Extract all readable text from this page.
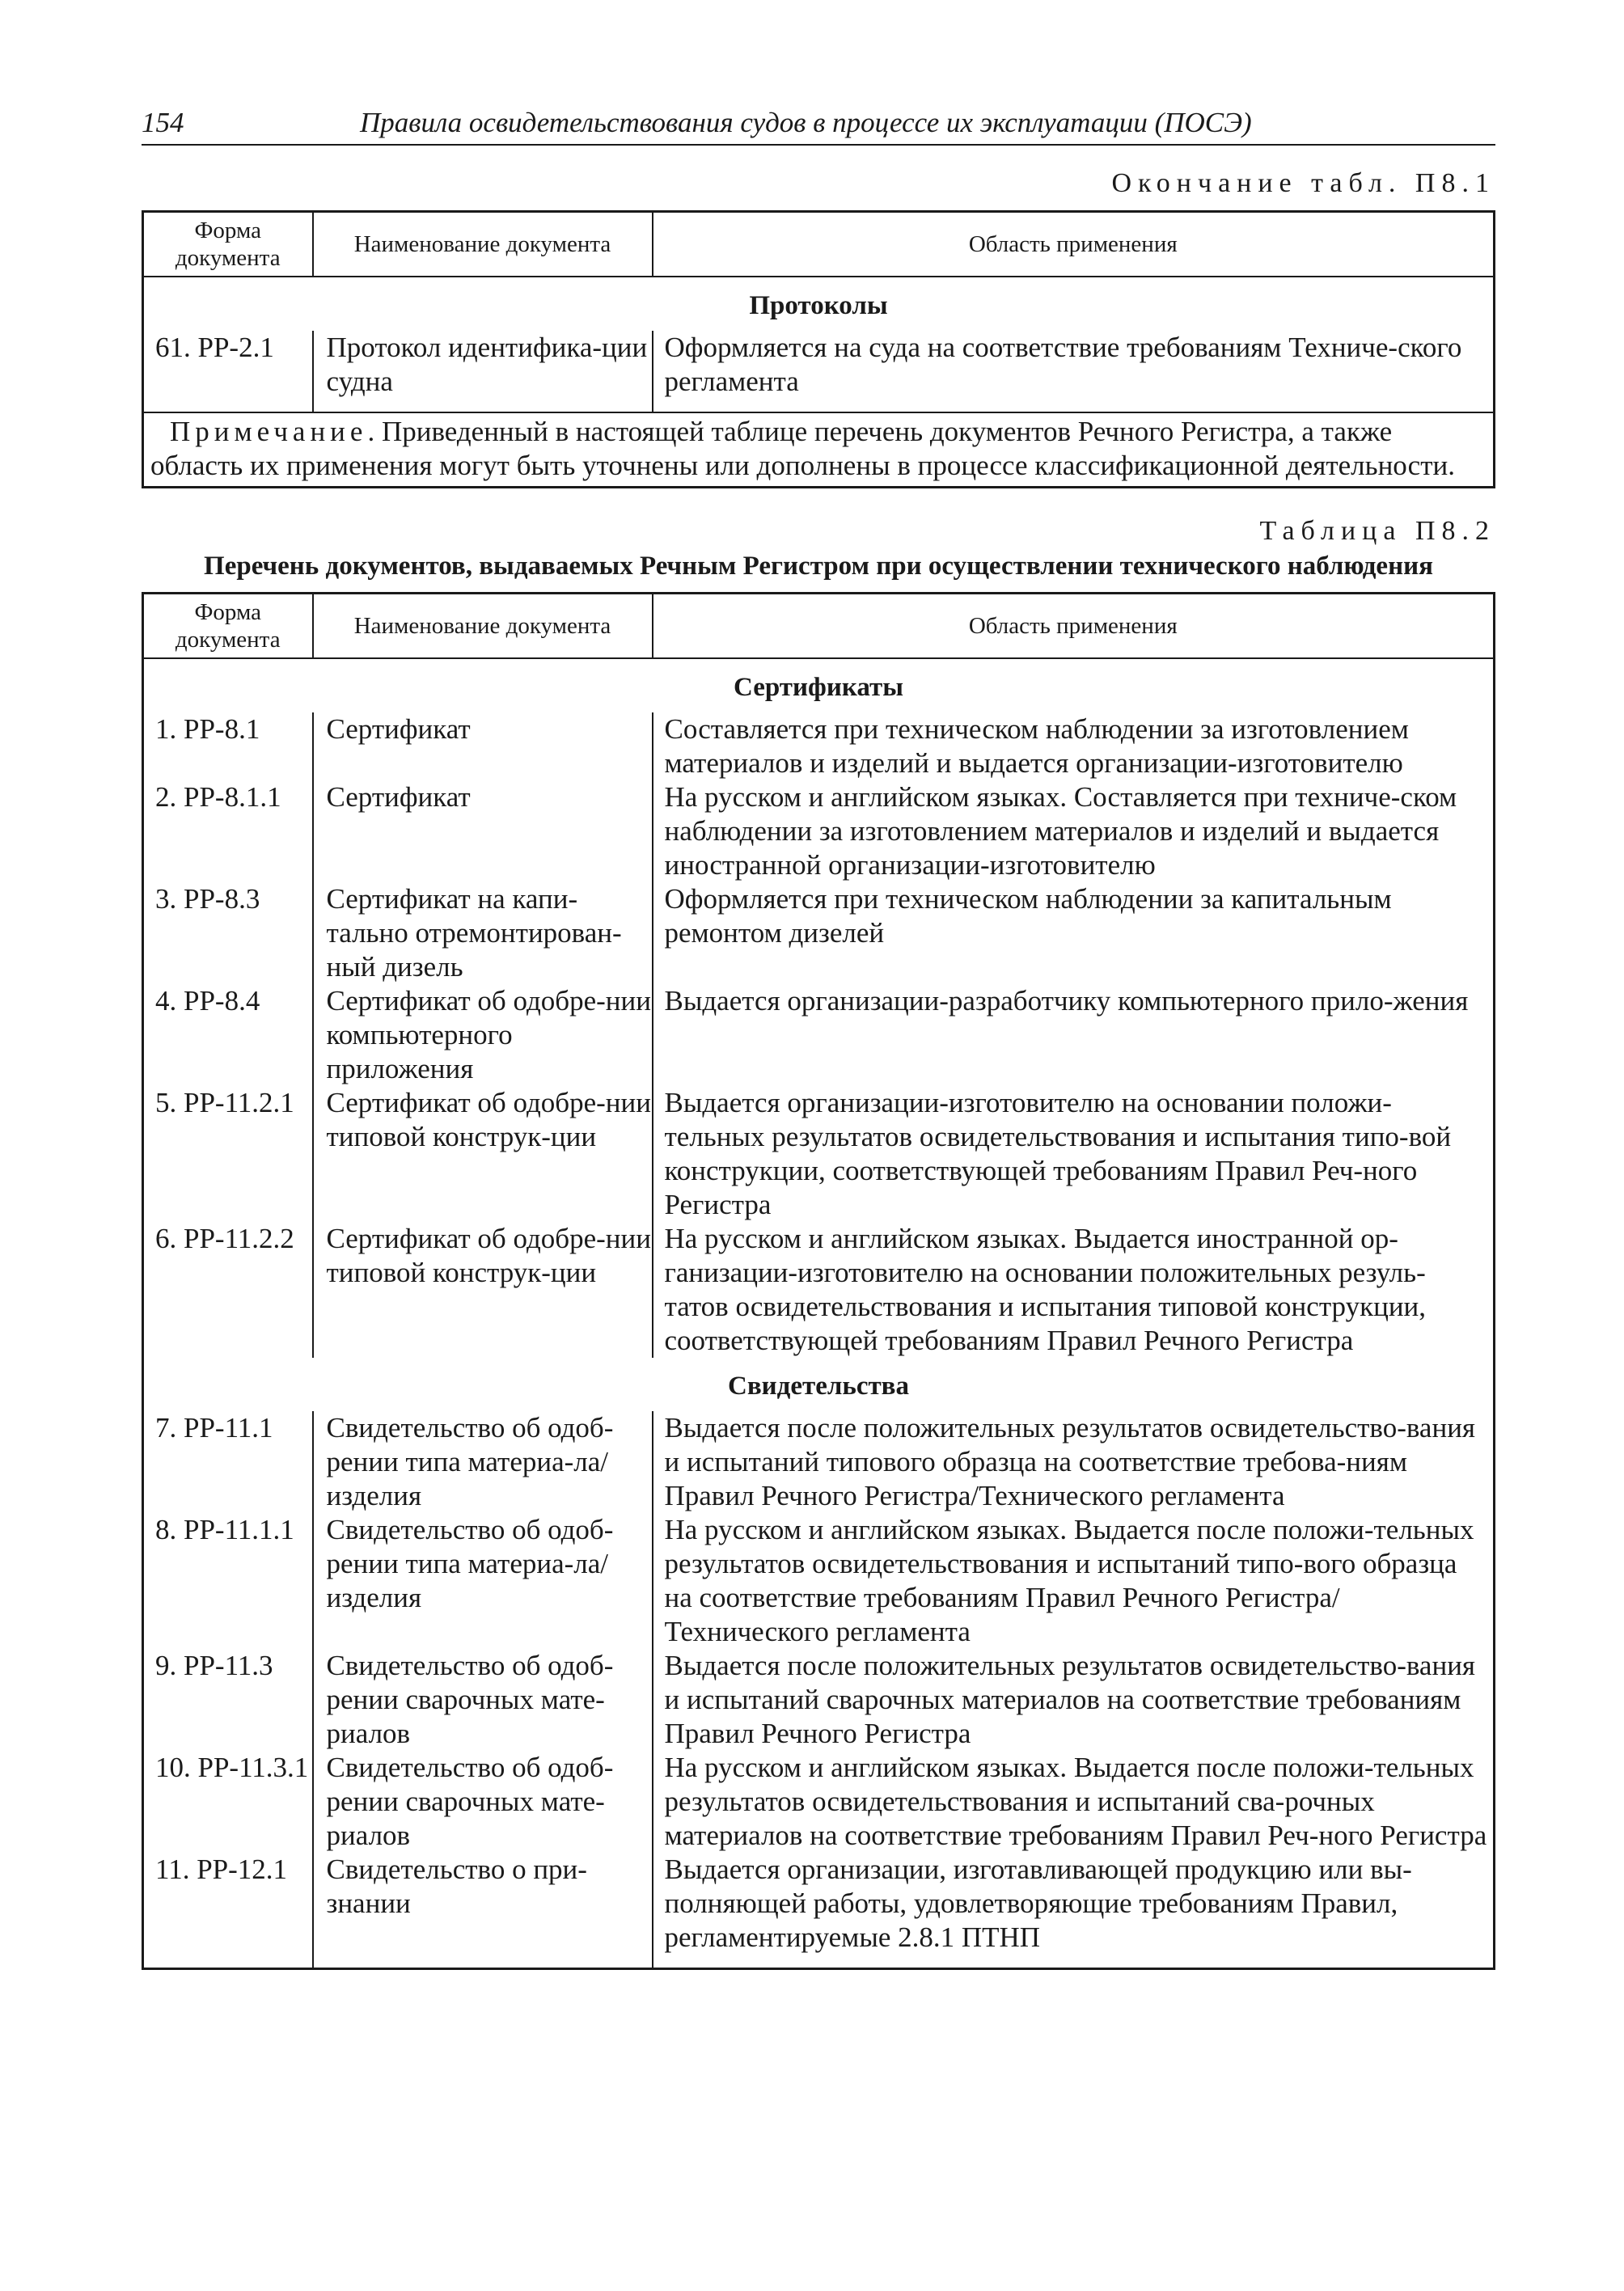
154	Правила освидетельствования судов в процессе их эксплуатации (ПОСЭ)
Окончание табл. П8.1
Форма документа	Наименование документа	Область применения
Протоколы		
61. РР-2.1	Протокол идентифика-ции судна	Оформляется на суда на соответствие требованиям Техниче-ского регламента
Примечание. Приведенный в настоящей таблице перечень документов Речного Регистра, а также область их применения могут быть уточнены или дополнены в процессе классификационной деятельности.		
Таблица П8.2
Перечень документов, выдаваемых Речным Регистром при осуществлении технического наблюдения
Форма документа	Наименование документа	Область применения
Сертификаты		
1. РР-8.1	Сертификат	Составляется при техническом наблюдении за изготовлением материалов и изделий и выдается организации-изготовителю
2. РР-8.1.1	Сертификат	На русском и английском языках. Составляется при техниче-ском наблюдении за изготовлением материалов и изделий и выдается иностранной организации-изготовителю
3. РР-8.3	Сертификат на капи-тально отремонтирован-ный дизель	Оформляется при техническом наблюдении за капитальным ремонтом дизелей
4. РР-8.4	Сертификат об одобре-нии компьютерного приложения	Выдается организации-разработчику компьютерного прило-жения
5. РР-11.2.1	Сертификат об одобре-нии типовой конструк-ции	Выдается организации-изготовителю на основании положи-тельных результатов освидетельствования и испытания типо-вой конструкции, соответствующей требованиям Правил Реч-ного Регистра
6. РР-11.2.2	Сертификат об одобре-нии типовой конструк-ции	На русском и английском языках. Выдается иностранной ор-ганизации-изготовителю на основании положительных резуль-татов освидетельствования и испытания типовой конструкции, соответствующей требованиям Правил Речного Регистра
Свидетельства		
7. РР-11.1	Свидетельство об одоб-рении типа материа-ла/изделия	Выдается после положительных результатов освидетельство-вания и испытаний типового образца на соответствие требова-ниям Правил Речного Регистра/Технического регламента
8. РР-11.1.1	Свидетельство об одоб-рении типа материа-ла/изделия	На русском и английском языках. Выдается после положи-тельных результатов освидетельствования и испытаний типо-вого образца на соответствие требованиям Правил Речного Регистра/Технического регламента
9. РР-11.3	Свидетельство об одоб-рении сварочных мате-риалов	Выдается после положительных результатов освидетельство-вания и испытаний сварочных материалов на соответствие требованиям Правил Речного Регистра
10. РР-11.3.1	Свидетельство об одоб-рении сварочных мате-риалов	На русском и английском языках. Выдается после положи-тельных результатов освидетельствования и испытаний сва-рочных материалов на соответствие требованиям Правил Реч-ного Регистра
11. РР-12.1	Свидетельство о при-знании	Выдается организации, изготавливающей продукцию или вы-полняющей работы, удовлетворяющие требованиям Правил, регламентируемые 2.8.1 ПТНП
